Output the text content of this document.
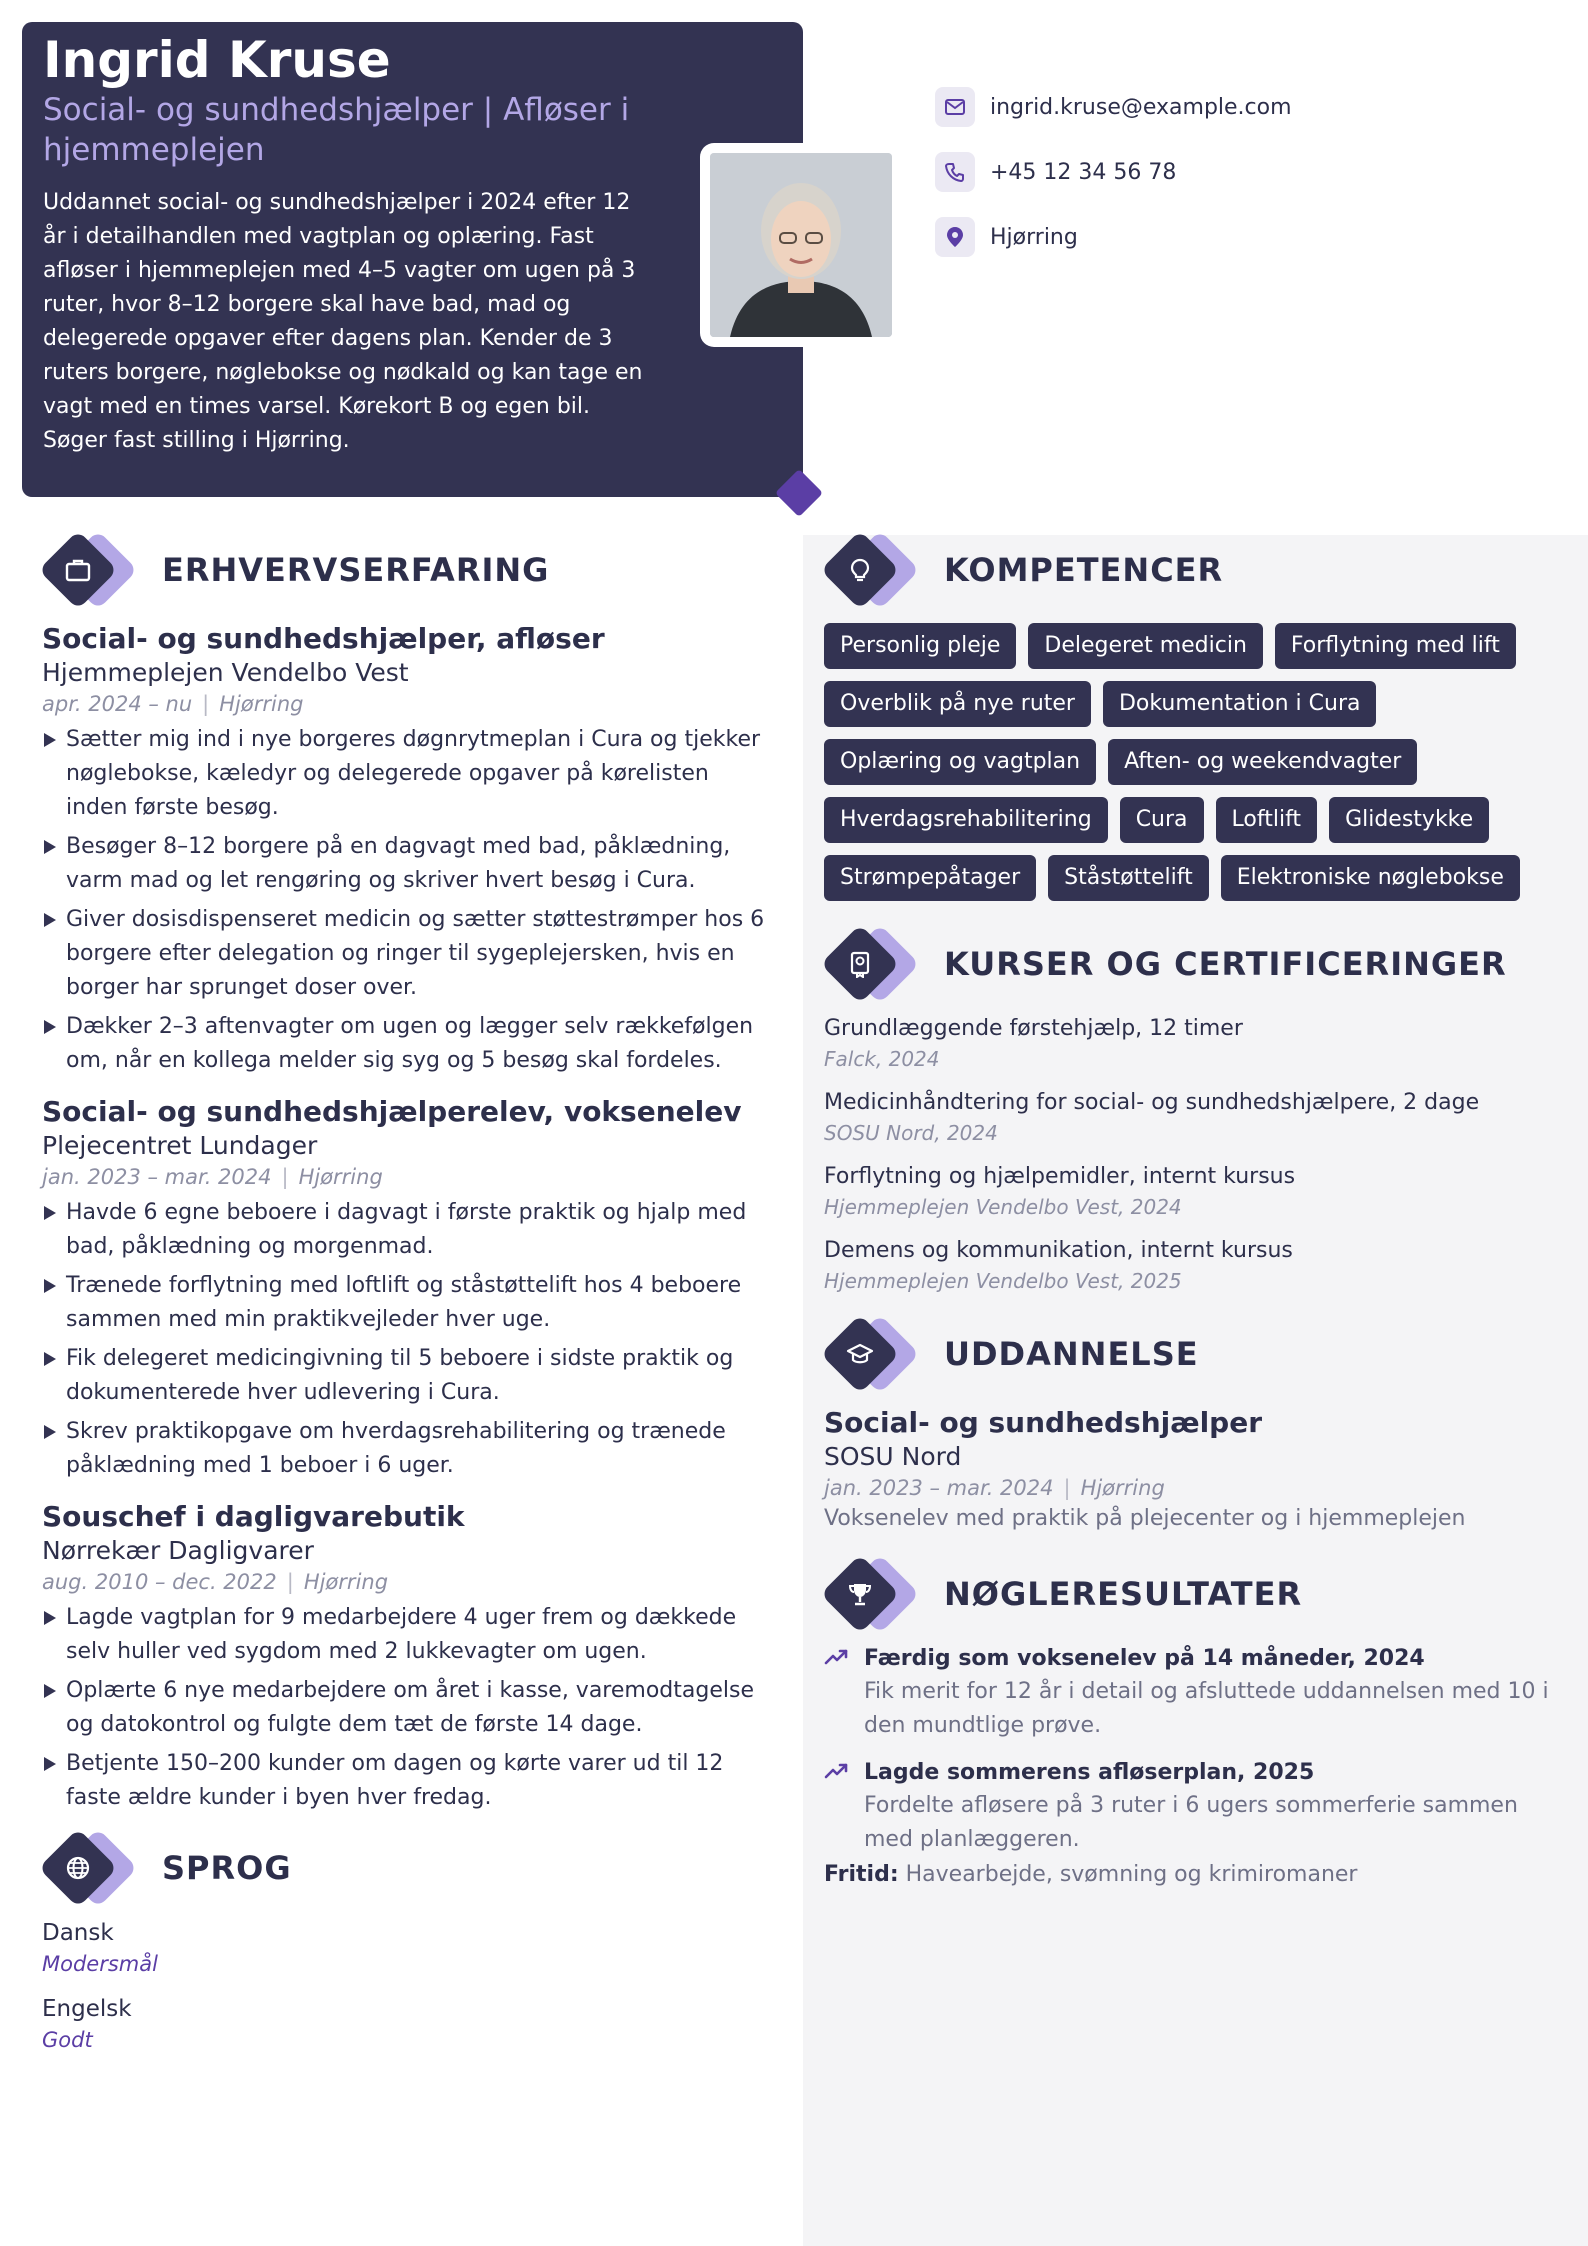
Ingrid Kruse
Social- og sundhedshjælper | Afløser i hjemmeplejen

Uddannet social- og sundhedshjælper i 2024 efter 12 år i detailhandlen med vagtplan og oplæring. Fast afløser i hjemmeplejen med 4–5 vagter om ugen på 3 ruter, hvor 8–12 borgere skal have bad, mad og delegerede opgaver efter dagens plan. Kender de 3 ruters borgere, nøglebokse og nødkald og kan tage en vagt med en times varsel. Kørekort B og egen bil. Søger fast stilling i Hjørring.

ingrid.kruse@example.com
+45 12 34 56 78
Hjørring
ERHVERVSERFARING
Social- og sundhedshjælper, afløser
Hjemmeplejen Vendelbo Vest
apr. 2024 – nu | Hjørring
Sætter mig ind i nye borgeres døgnrytmeplan i Cura og tjekker nøglebokse, kæledyr og delegerede opgaver på kørelisten inden første besøg.
Besøger 8–12 borgere på en dagvagt med bad, påklædning, varm mad og let rengøring og skriver hvert besøg i Cura.
Giver dosisdispenseret medicin og sætter støttestrømper hos 6 borgere efter delegation og ringer til sygeplejersken, hvis en borger har sprunget doser over.
Dækker 2–3 aftenvagter om ugen og lægger selv rækkefølgen om, når en kollega melder sig syg og 5 besøg skal fordeles.
Social- og sundhedshjælperelev, voksenelev
Plejecentret Lundager
jan. 2023 – mar. 2024 | Hjørring
Havde 6 egne beboere i dagvagt i første praktik og hjalp med bad, påklædning og morgenmad.
Trænede forflytning med loftlift og ståstøttelift hos 4 beboere sammen med min praktikvejleder hver uge.
Fik delegeret medicingivning til 5 beboere i sidste praktik og dokumenterede hver udlevering i Cura.
Skrev praktikopgave om hverdagsrehabilitering og trænede påklædning med 1 beboer i 6 uger.
Souschef i dagligvarebutik
Nørrekær Dagligvarer
aug. 2010 – dec. 2022 | Hjørring
Lagde vagtplan for 9 medarbejdere 4 uger frem og dækkede selv huller ved sygdom med 2 lukkevagter om ugen.
Oplærte 6 nye medarbejdere om året i kasse, varemodtagelse og datokontrol og fulgte dem tæt de første 14 dage.
Betjente 150–200 kunder om dagen og kørte varer ud til 12 faste ældre kunder i byen hver fredag.
SPROG
Dansk
Modersmål
Engelsk
Godt
KOMPETENCER
Personlig pleje	Delegeret medicin	Forflytning med lift
Overblik på nye ruter	Dokumentation i Cura
Oplæring og vagtplan	Aften- og weekendvagter
Hverdagsrehabilitering	Cura	Loftlift	Glidestykke
Strømpepåtager	Ståstøttelift	Elektroniske nøglebokse
KURSER OG CERTIFICERINGER
Grundlæggende førstehjælp, 12 timer
Falck, 2024
Medicinhåndtering for social- og sundhedshjælpere, 2 dage
SOSU Nord, 2024
Forflytning og hjælpemidler, internt kursus
Hjemmeplejen Vendelbo Vest, 2024
Demens og kommunikation, internt kursus
Hjemmeplejen Vendelbo Vest, 2025
UDDANNELSE
Social- og sundhedshjælper
SOSU Nord
jan. 2023 – mar. 2024 | Hjørring
Voksenelev med praktik på plejecenter og i hjemmeplejen
NØGLERESULTATER
Færdig som voksenelev på 14 måneder, 2024
Fik merit for 12 år i detail og afsluttede uddannelsen med 10 i den mundtlige prøve.
Lagde sommerens afløserplan, 2025
Fordelte afløsere på 3 ruter i 6 ugers sommerferie sammen med planlæggeren.
Fritid: Havearbejde, svømning og krimiromaner
